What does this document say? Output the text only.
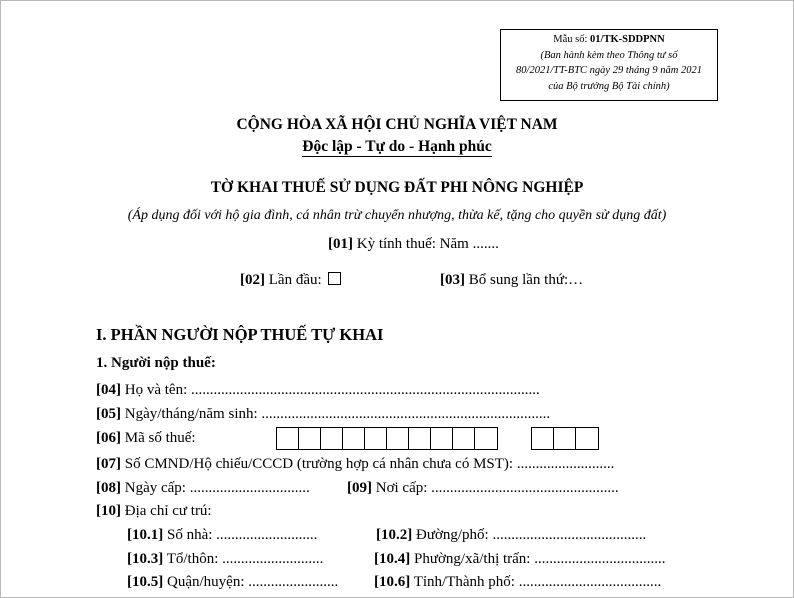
Mẫu số: 01/TK-SDDPNN
(Ban hành kèm theo Thông tư số
80/2021/TT-BTC ngày 29 tháng 9 năm 2021
của Bộ trưởng Bộ Tài chính)
CỘNG HÒA XÃ HỘI CHỦ NGHĨA VIỆT NAM
Độc lập - Tự do - Hạnh phúc
TỜ KHAI THUẾ SỬ DỤNG ĐẤT PHI NÔNG NGHIỆP
(Áp dụng đối với hộ gia đình, cá nhân trừ chuyển nhượng, thừa kế, tặng cho quyền sử dụng đất)
[01] Kỳ tính thuế: Năm .......
[02] Lần đầu:	[03] Bổ sung lần thứ:…
I. PHẦN NGƯỜI NỘP THUẾ TỰ KHAI
1. Người nộp thuế:
[04] Họ và tên: .............................................................................................
[05] Ngày/tháng/năm sinh: .............................................................................
[06] Mã số thuế:
[07] Số CMND/Hộ chiếu/CCCD (trường hợp cá nhân chưa có MST): ..........................
[08] Ngày cấp: ................................ [09] Nơi cấp: ..................................................
[10] Địa chỉ cư trú:
[10.1] Số nhà: ...........................	[10.2] Đường/phố: .........................................
[10.3] Tổ/thôn: ...........................	[10.4] Phường/xã/thị trấn: ...................................
[10.5] Quận/huyện: ........................ [10.6] Tỉnh/Thành phố: ......................................
